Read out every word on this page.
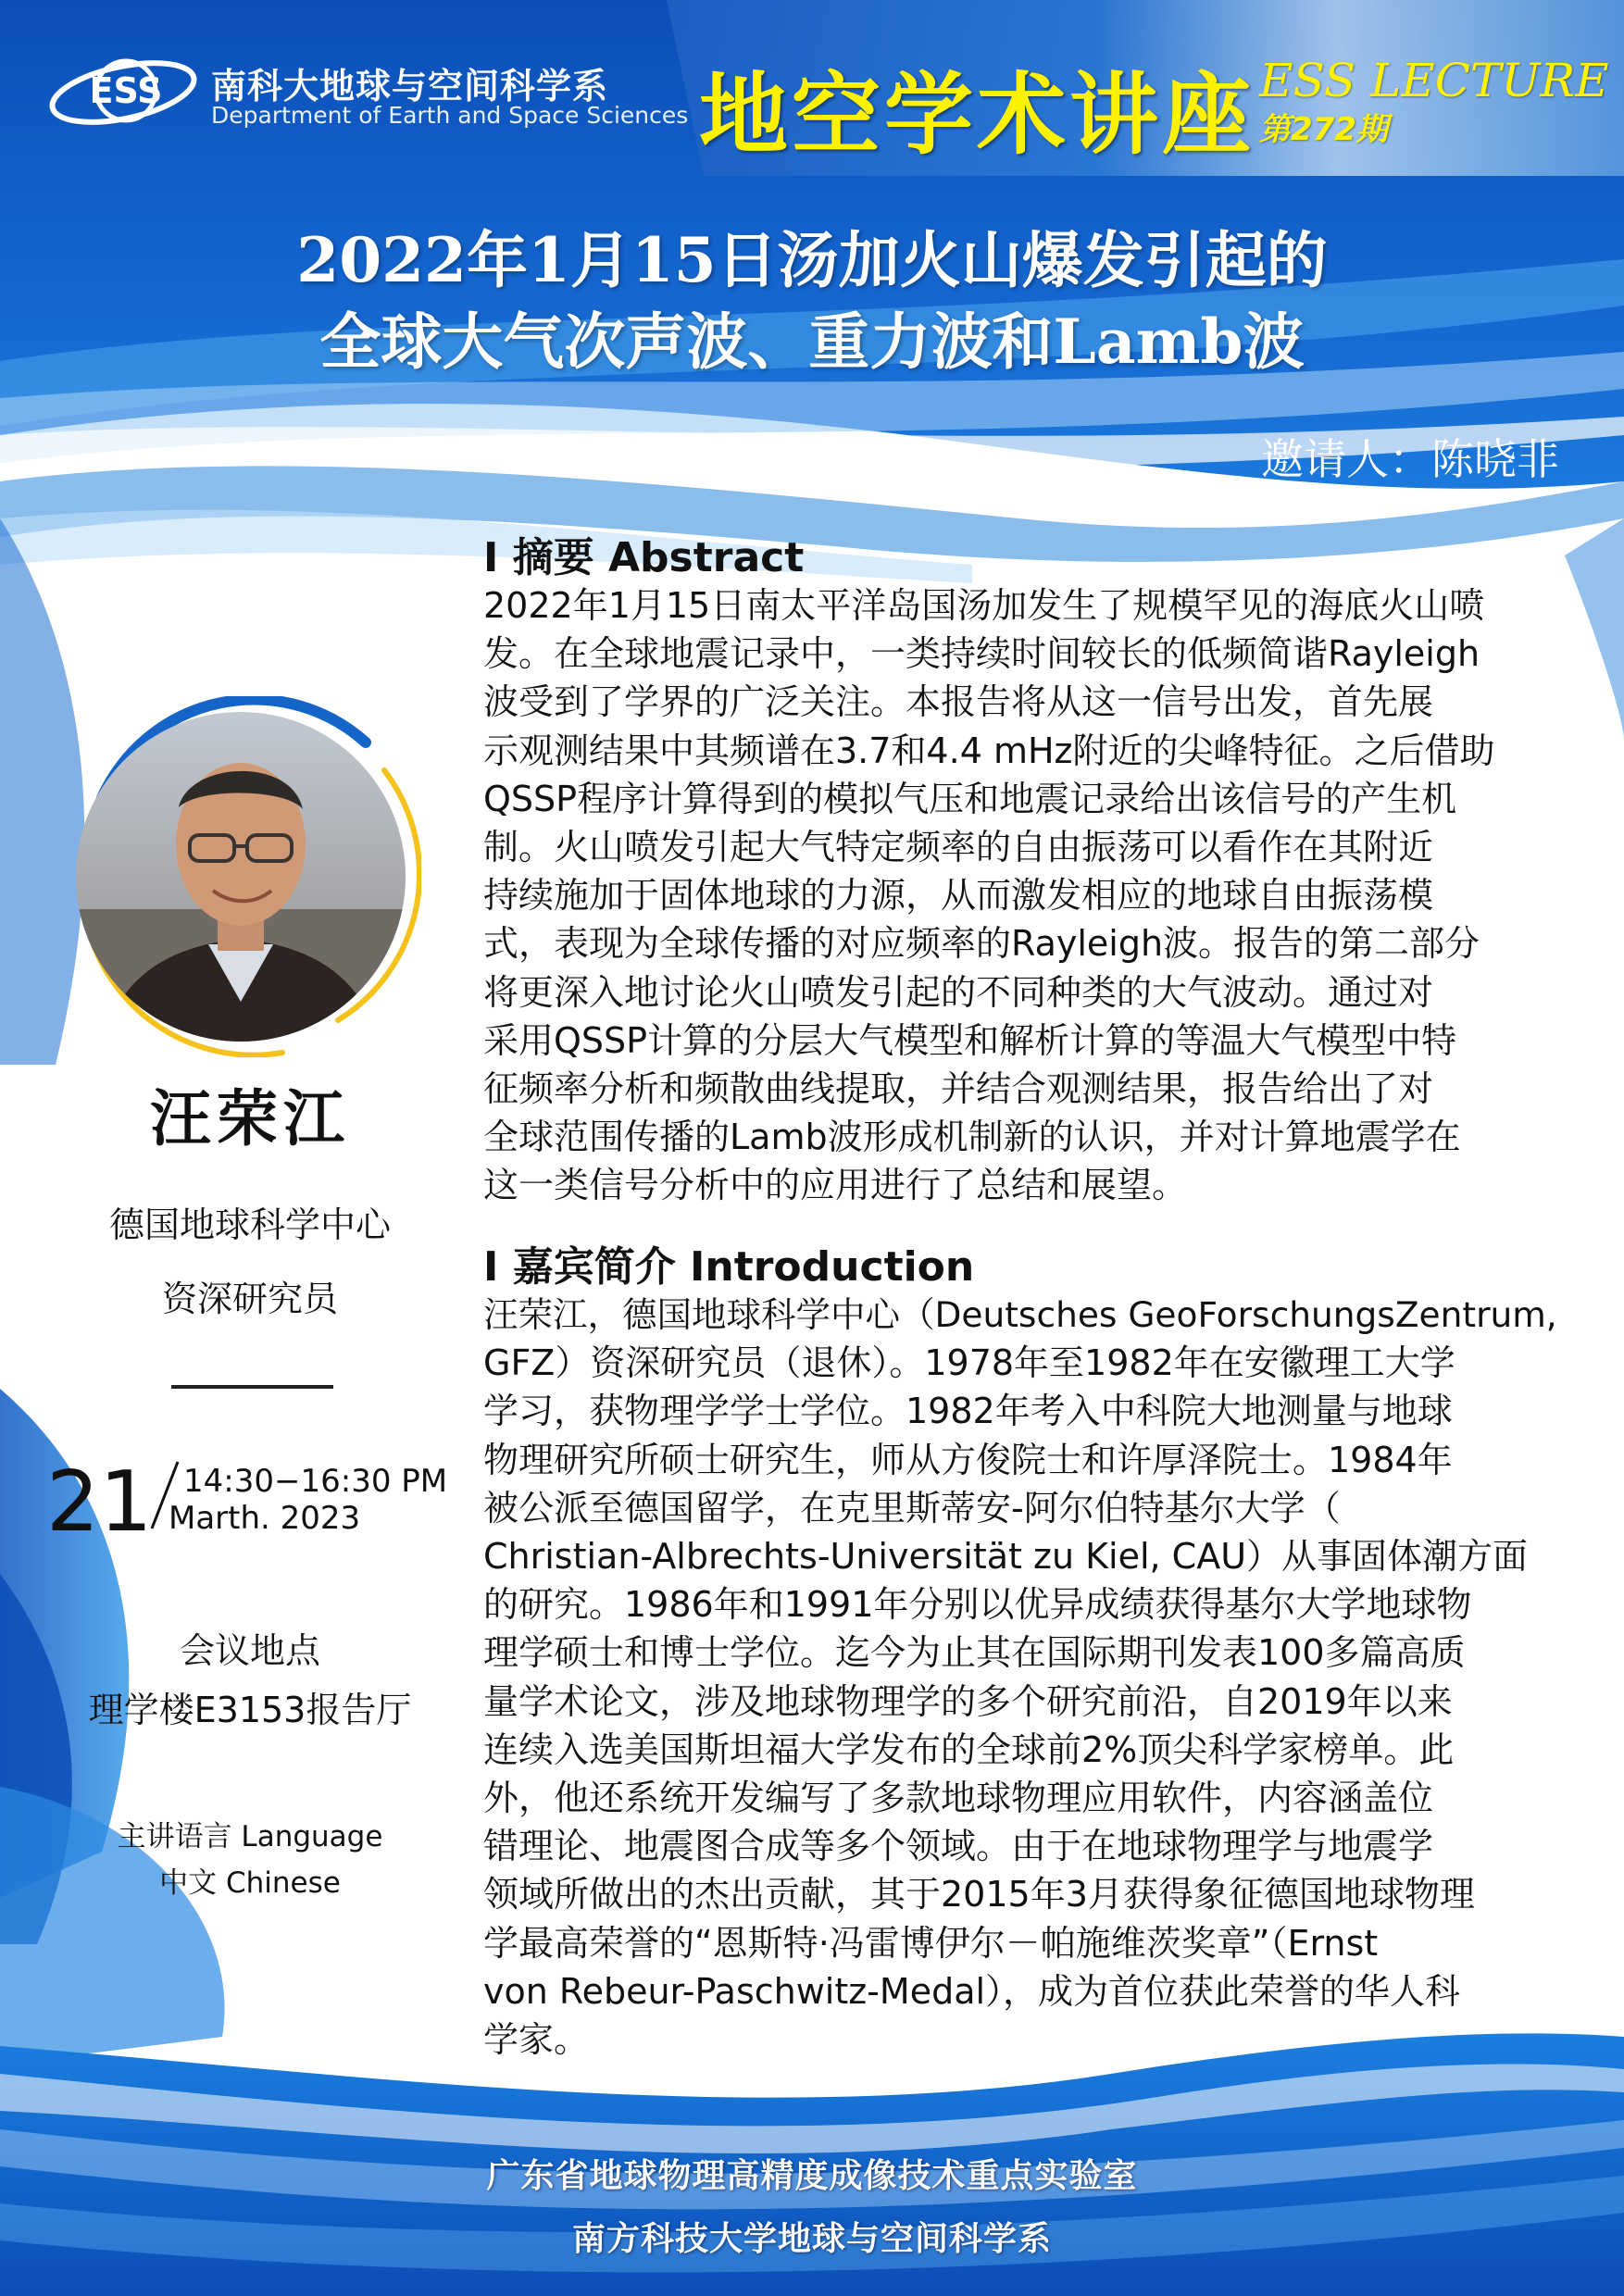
ESS 南科大地球与空间科学系
Department of Earth and Space Sciences 地空学术讲座 ESS LECTURE
第272期
2022年1月15日汤加火山爆发引起的
全球大气次声波、重力波和Lamb波
邀请人：陈晓非
汪荣江
德国地球科学中心
资深研究员
21 14:30−16:30 PM
Marth. 2023
会议地点
理学楼E3153报告厅
主讲语言 Language
中文 Chinese
I 摘要 Abstract
2022年1月15日南太平洋岛国汤加发生了规模罕见的海底火山喷
发。在全球地震记录中，一类持续时间较长的低频简谐Rayleigh
波受到了学界的广泛关注。本报告将从这一信号出发，首先展
示观测结果中其频谱在3.7和4.4 mHz附近的尖峰特征。之后借助
QSSP程序计算得到的模拟气压和地震记录给出该信号的产生机
制。火山喷发引起大气特定频率的自由振荡可以看作在其附近
持续施加于固体地球的力源，从而激发相应的地球自由振荡模
式，表现为全球传播的对应频率的Rayleigh波。报告的第二部分
将更深入地讨论火山喷发引起的不同种类的大气波动。通过对
采用QSSP计算的分层大气模型和解析计算的等温大气模型中特
征频率分析和频散曲线提取，并结合观测结果，报告给出了对
全球范围传播的Lamb波形成机制新的认识，并对计算地震学在
这一类信号分析中的应用进行了总结和展望。
I 嘉宾简介 Introduction
汪荣江，德国地球科学中心（Deutsches GeoForschungsZentrum,
GFZ）资深研究员（退休）。1978年至1982年在安徽理工大学
学习，获物理学学士学位。1982年考入中科院大地测量与地球
物理研究所硕士研究生，师从方俊院士和许厚泽院士。1984年
被公派至德国留学，在克里斯蒂安-阿尔伯特基尔大学（
Christian-Albrechts-Universität zu Kiel, CAU）从事固体潮方面
的研究。1986年和1991年分别以优异成绩获得基尔大学地球物
理学硕士和博士学位。迄今为止其在国际期刊发表100多篇高质
量学术论文，涉及地球物理学的多个研究前沿，自2019年以来
连续入选美国斯坦福大学发布的全球前2%顶尖科学家榜单。此
外，他还系统开发编写了多款地球物理应用软件，内容涵盖位
错理论、地震图合成等多个领域。由于在地球物理学与地震学
领域所做出的杰出贡献，其于2015年3月获得象征德国地球物理
学最高荣誉的“恩斯特·冯雷博伊尔－帕施维茨奖章”（Ernst
von Rebeur-Paschwitz-Medal），成为首位获此荣誉的华人科
学家。
广东省地球物理高精度成像技术重点实验室
南方科技大学地球与空间科学系
